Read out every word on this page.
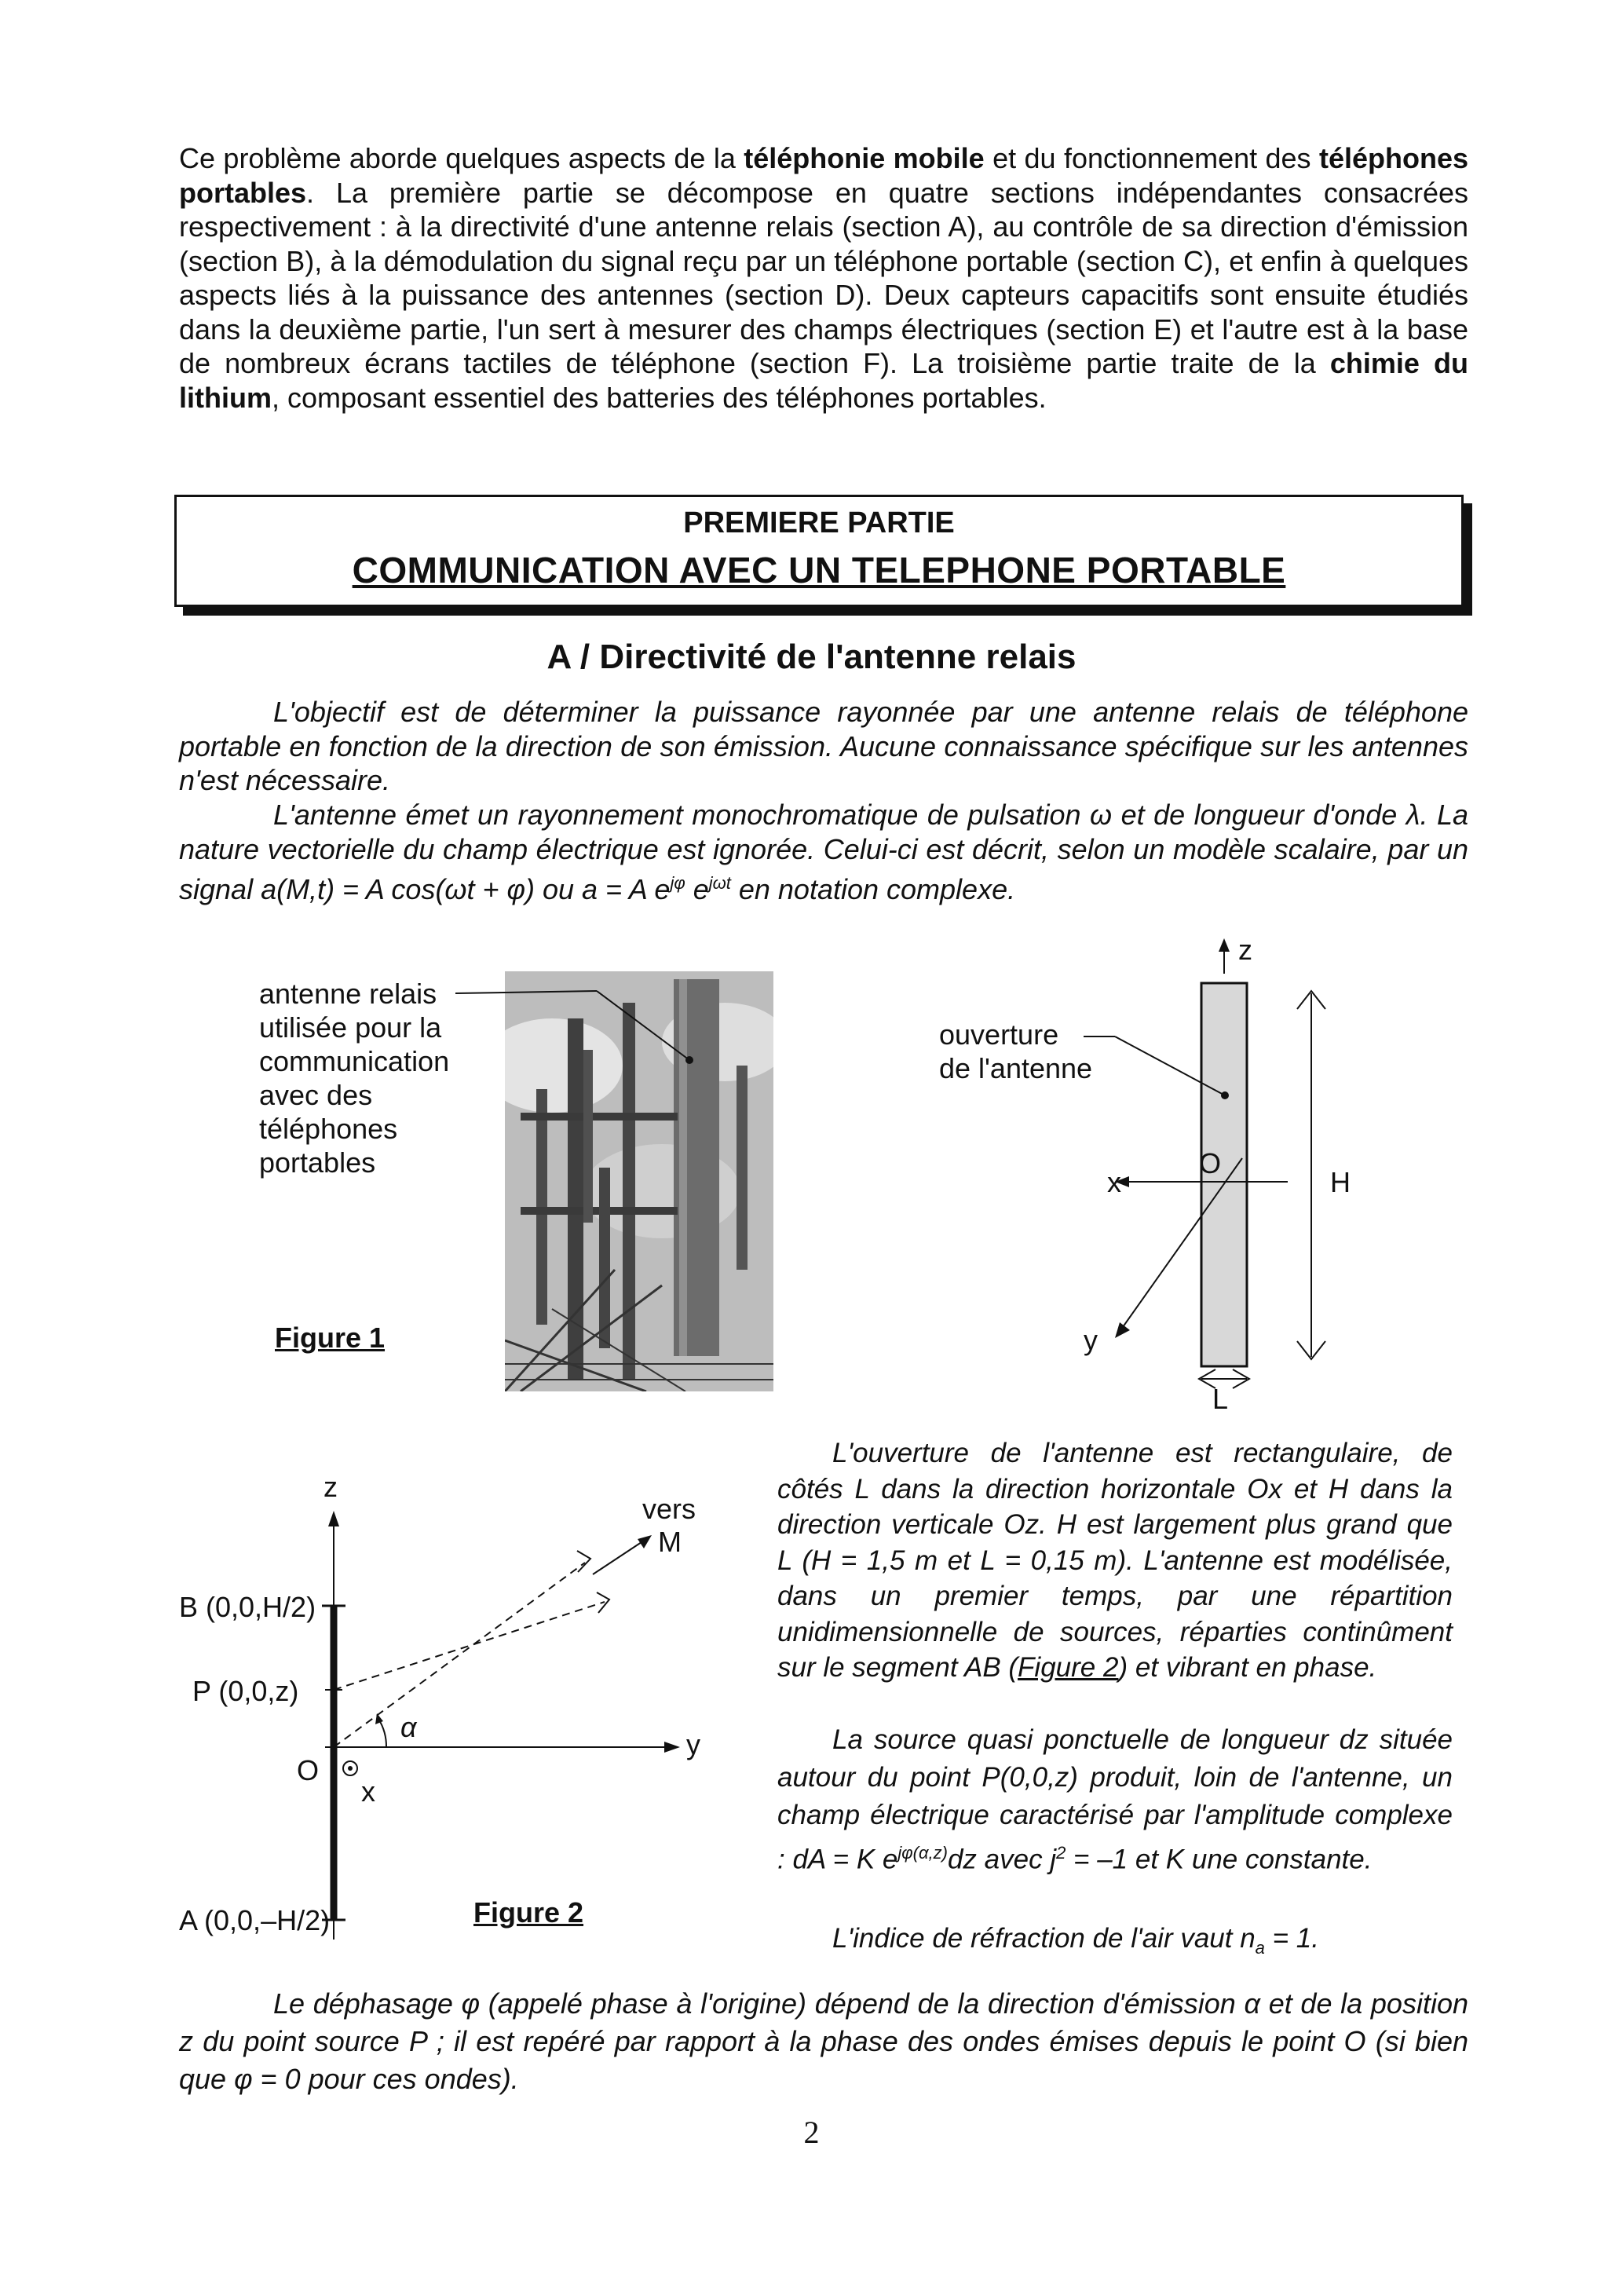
Ce problème aborde quelques aspects de la téléphonie mobile et du fonctionnement des téléphones portables. La première partie se décompose en quatre sections indépendantes consacrées respectivement : à la directivité d'une antenne relais (section A), au contrôle de sa direction d'émission (section B), à la démodulation du signal reçu par un téléphone portable (section C), et enfin à quelques aspects liés à la puissance des antennes (section D). Deux capteurs capacitifs sont ensuite étudiés dans la deuxième partie, l'un sert à mesurer des champs électriques (section E) et l'autre est à la base de nombreux écrans tactiles de téléphone (section F). La troisième partie traite de la chimie du lithium, composant essentiel des batteries des téléphones portables.
PREMIERE PARTIE
COMMUNICATION AVEC UN TELEPHONE PORTABLE
A / Directivité de l'antenne relais
L'objectif est de déterminer la puissance rayonnée par une antenne relais de téléphone portable en fonction de la direction de son émission. Aucune connaissance spécifique sur les antennes n'est nécessaire.
L'antenne émet un rayonnement monochromatique de pulsation ω et de longueur d'onde λ. La nature vectorielle du champ électrique est ignorée. Celui-ci est décrit, selon un modèle scalaire, par un signal a(M,t) = A cos(ωt + φ) ou a = A $e^{j\varphi}$ $e^{j\omega t}$ en notation complexe.
antenne relais
utilisée pour la
communication
avec des
téléphones
portables
ouverture
de l'antenne
z
x
y
O
H
L
Figure 1
z
y
x
O
B (0,0,H/2)
P (0,0,z)
A (0,0,–H/2)
vers
M
α
Figure 2
L'ouverture de l'antenne est rectangulaire, de côtés L dans la direction horizontale Ox et H dans la direction verticale Oz. H est largement plus grand que L (H = 1,5 m et L = 0,15 m). L'antenne est modélisée, dans un premier temps, par une répartition unidimensionnelle de sources, réparties continûment sur le segment AB (Figure 2) et vibrant en phase.
La source quasi ponctuelle de longueur dz située autour du point P(0,0,z) produit, loin de l'antenne, un champ électrique caractérisé par l'amplitude complexe : dA = K $e^{j\varphi(\alpha,z)}dz$ avec $j^2 = -1$ et K une constante.
L'indice de réfraction de l'air vaut $n_a = 1$.
Le déphasage φ (appelé phase à l'origine) dépend de la direction d'émission α et de la position z du point source P ; il est repéré par rapport à la phase des ondes émises depuis le point O (si bien que φ = 0 pour ces ondes).
2
